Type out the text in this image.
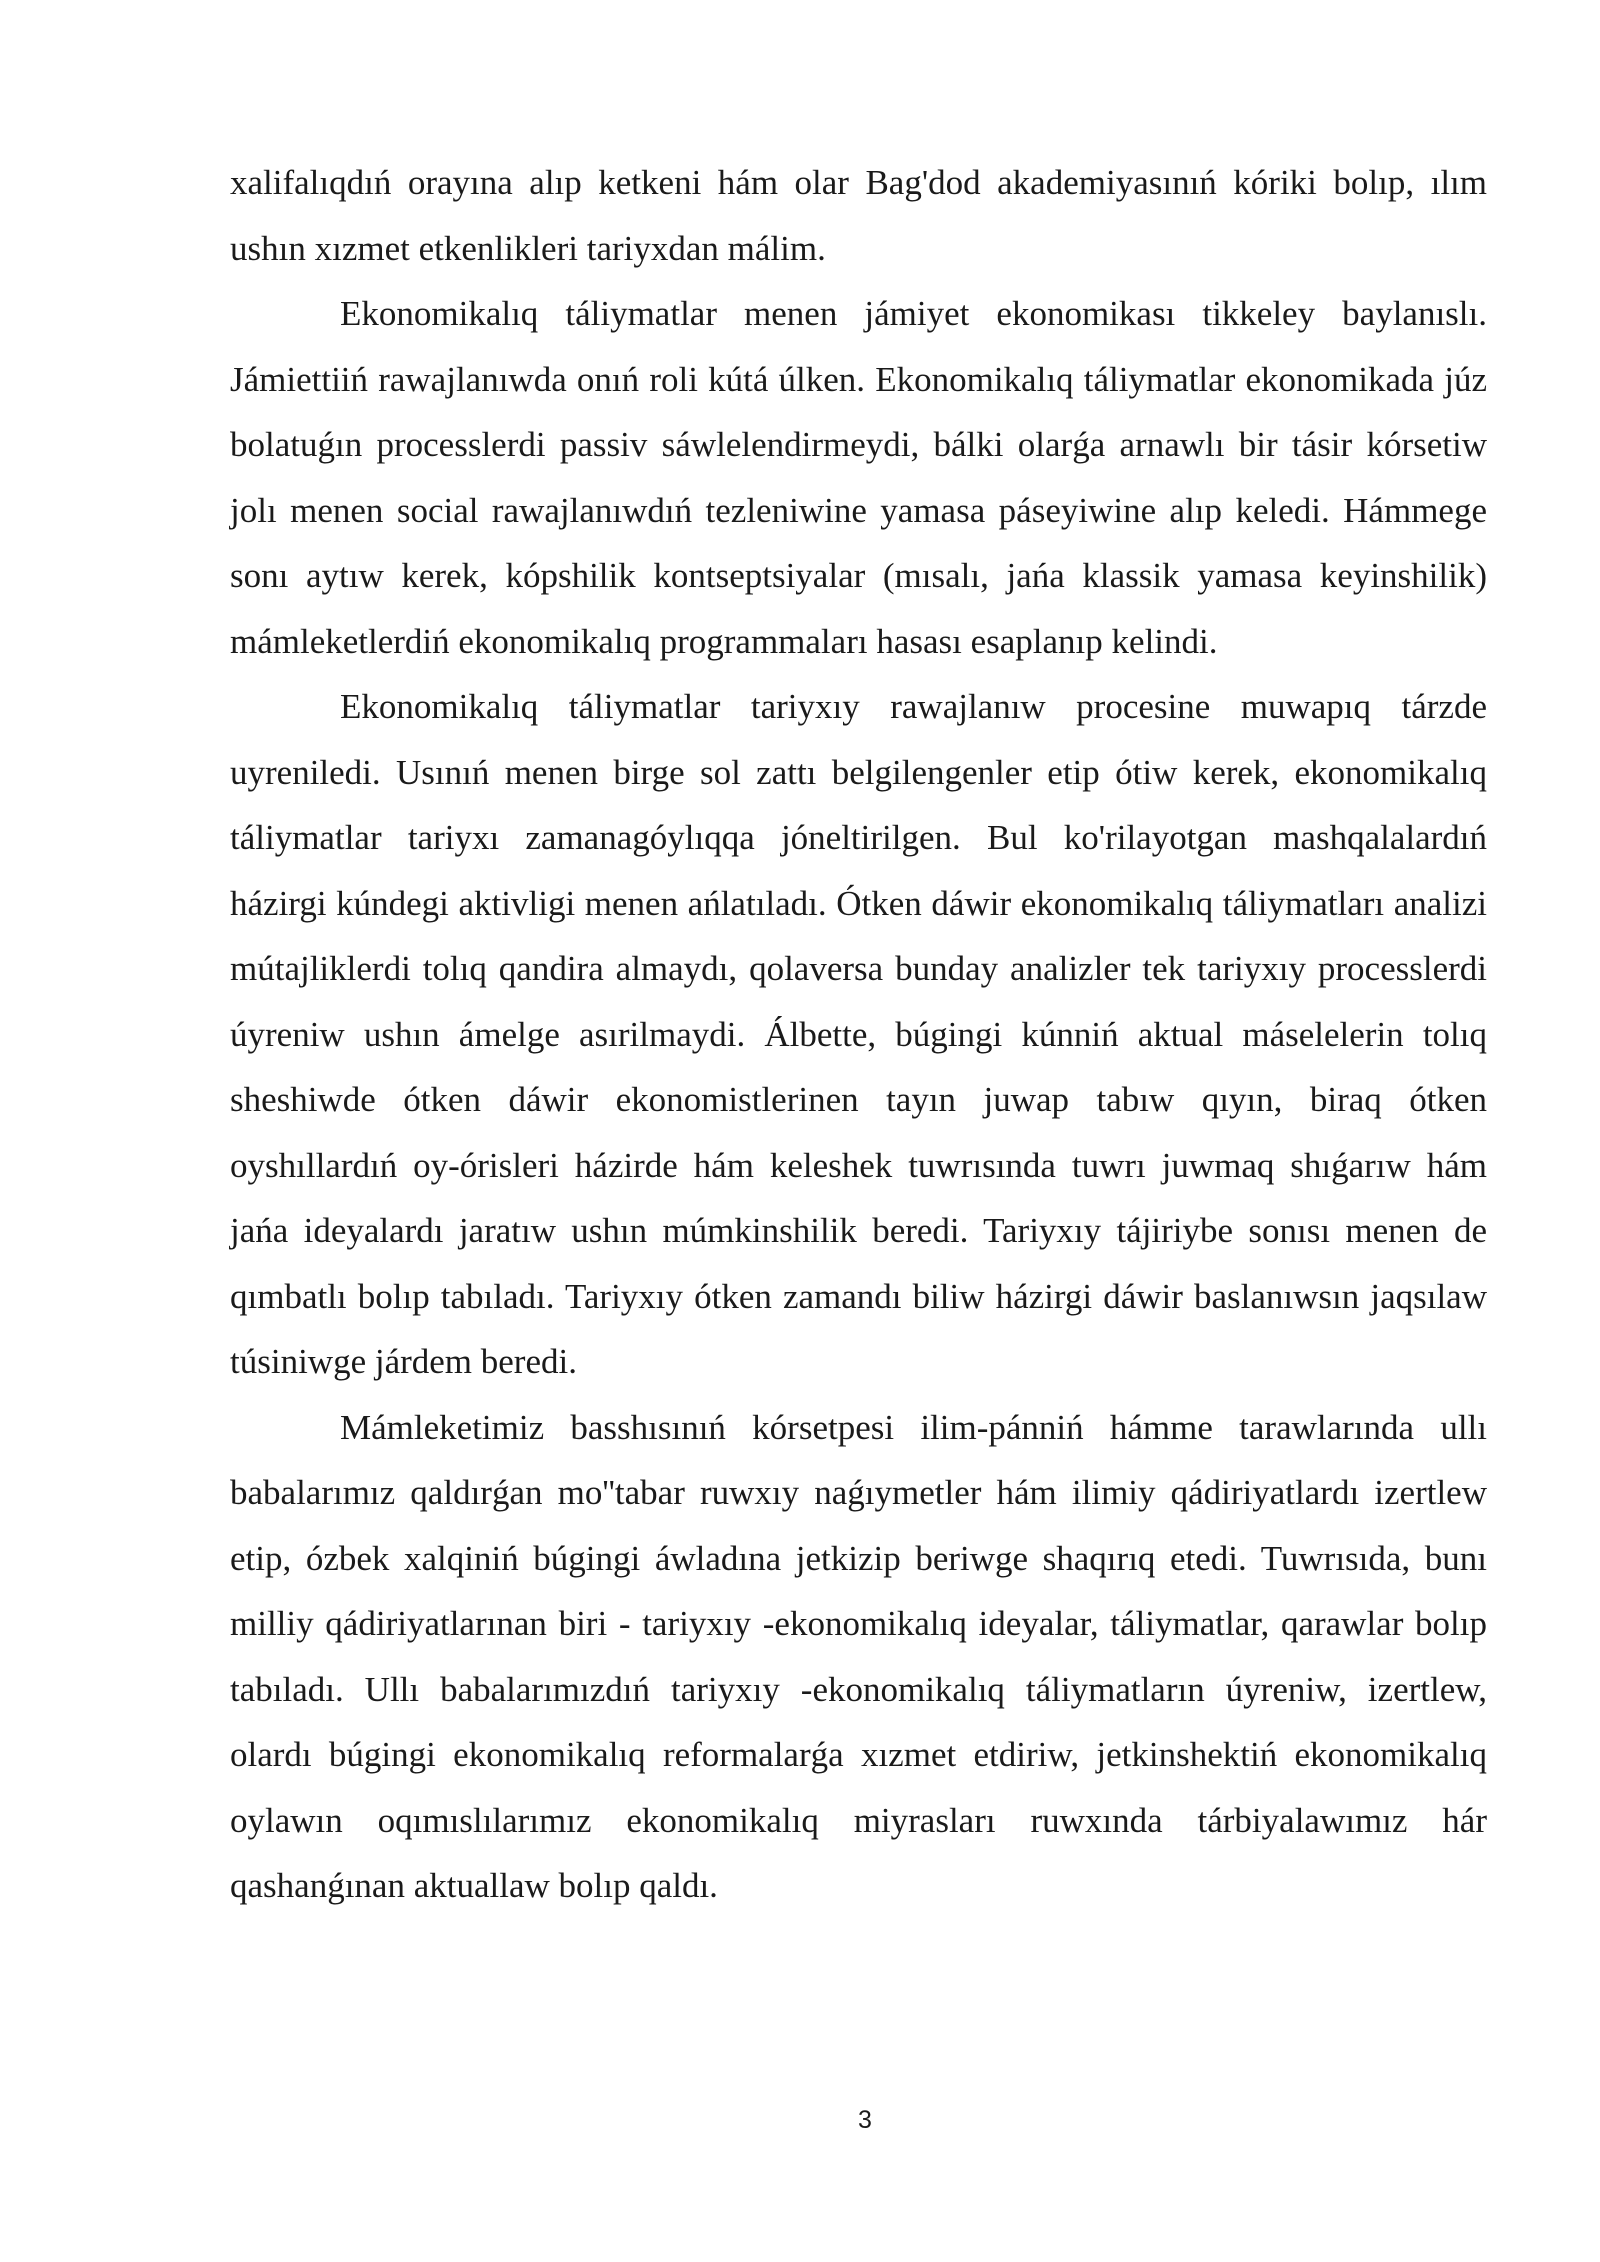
xalifalıqdıń orayına alıp ketkeni hám olar Bag'dod akademiyasınıń kóriki bolıp, ılım ushın xızmet etkenlikleri tariyxdan málim.

Ekonomikalıq táliymatlar menen jámiyet ekonomikası tikkeley baylanıslı. Jámiettiiń rawajlanıwda onıń roli kútá úlken. Ekonomikalıq táliymatlar ekonomikada júz bolatuǵın processlerdi passiv sáwlelendirmeydi, bálki olarǵa arnawlı bir tásir kórsetiw jolı menen social rawajlanıwdıń tezleniwine yamasa páseyiwine alıp keledi. Hámmege sonı aytıw kerek, kópshilik kontseptsiyalar (mısalı, jańa klassik yamasa keyinshilik) mámleketlerdiń ekonomikalıq programmaları hasası esaplanıp kelindi.

Ekonomikalıq táliymatlar tariyxıy rawajlanıw procesine muwapıq tárzde uyreniledi. Usınıń menen birge sol zattı belgilengenler etip ótiw kerek, ekonomikalıq táliymatlar tariyxı zamanagóylıqqa jóneltirilgen. Bul ko'rilayotgan mashqalalardıń házirgi kúndegi aktivligi menen ańlatıladı. Ótken dáwir ekonomikalıq táliymatları analizi mútajliklerdi tolıq qandira almaydı, qolaversa bunday analizler tek tariyxıy processlerdi úyreniw ushın ámelge asırilmaydi. Álbette, búgingi kúnniń aktual máselelerin tolıq sheshiwde ótken dáwir ekonomistlerinen tayın juwap tabıw qıyın, biraq ótken oyshıllardıń oy-órisleri házirde hám keleshek tuwrısında tuwrı juwmaq shıǵarıw hám jańa ideyalardı jaratıw ushın múmkinshilik beredi. Tariyxıy tájiriybe sonısı menen de qımbatlı bolıp tabıladı. Tariyxıy ótken zamandı biliw házirgi dáwir baslanıwsın jaqsılaw túsiniwge járdem beredi.

Mámleketimiz basshısınıń kórsetpesi ilim-pánniń hámme tarawlarında ullı babalarımız qaldırǵan mo''tabar ruwxıy naǵıymetler hám ilimiy qádiriyatlardı izertlew etip, ózbek xalqiniń búgingi áwladına jetkizip beriwge shaqırıq etedi. Tuwrısıda, bunı milliy qádiriyatlarınan biri - tariyxıy -ekonomikalıq ideyalar, táliymatlar, qarawlar bolıp tabıladı. Ullı babalarımızdıń tariyxıy -ekonomikalıq táliymatların úyreniw, izertlew, olardı búgingi ekonomikalıq reformalarǵa xızmet etdiriw, jetkinshektiń ekonomikalıq oylawın oqımıslılarımız ekonomikalıq miyrasları ruwxında tárbiyalawımız hár qashanǵınan aktuallaw bolıp qaldı.

3
